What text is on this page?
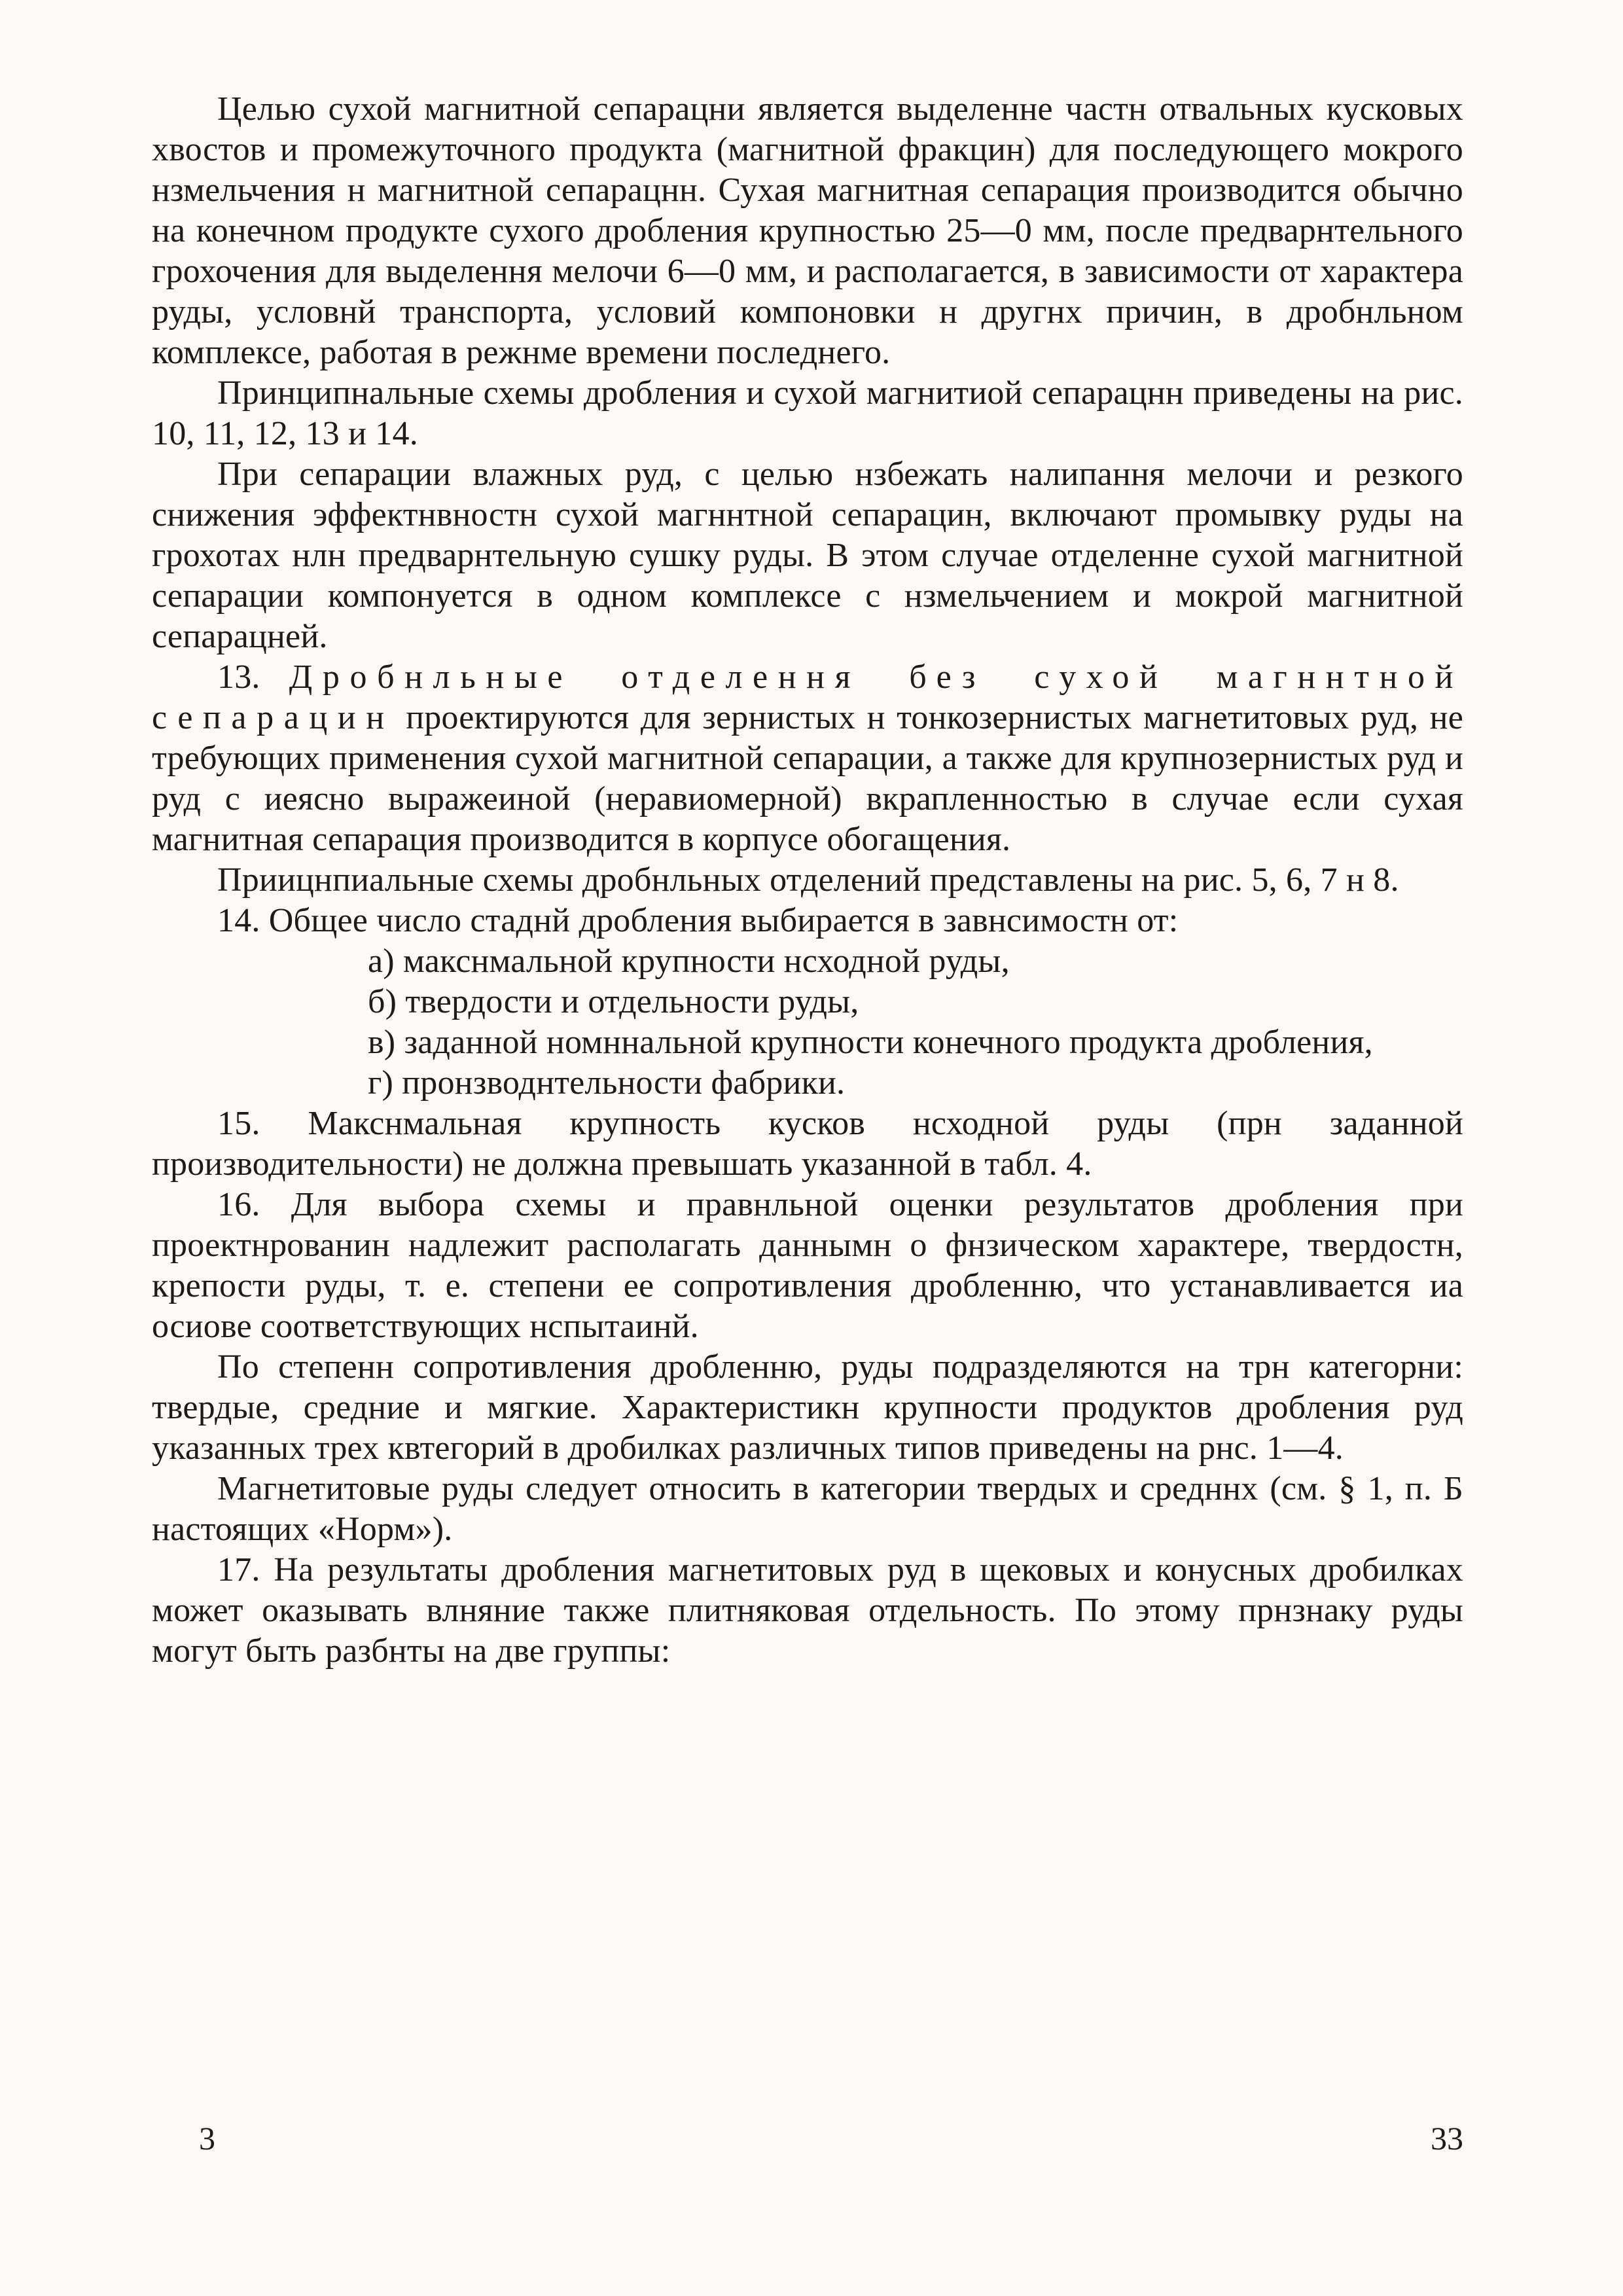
Целью сухой магнитной сепарацни является выделенне частн отвальных кусковых хвостов и промежуточного продукта (магнитной фракцин) для последующего мокрого нзмельчения н магнитной сепарацнн. Сухая магнитная сепарация производится обычно на конечном продукте сухого дробления крупностью 25—0 мм, после предварнтельного грохочения для выделення мелочи 6—0 мм, и располагается, в зависимости от характера руды, условнй транспорта, условий компоновки н другнх причин, в дробнльном комплексе, работая в режнме времени последнего.

Принципнальные схемы дробления и сухой магнитиой сепарацнн приведены на рис. 10, 11, 12, 13 и 14.

При сепарации влажных руд, с целью нзбежать налипання мелочи и резкого снижения эффектнвностн сухой магннтной сепарацин, включают промывку руды на грохотах нлн предварнтельную сушку руды. В этом случае отделенне сухой магнитной сепарации компонуется в одном комплексе с нзмельчением и мокрой магнитной сепарацней.

13. Дробнльные отделення без сухой магннтной сепарацин проектируются для зернистых н тонкозернистых магнетитовых руд, не требующих применения сухой магнитной сепарации, а также для крупнозернистых руд и руд с иеясно выражеиной (неравиомерной) вкрапленностью в случае если сухая магнитная сепарация производится в корпусе обогащения.

Приицнпиальные схемы дробнльных отделений представлены на рис. 5, 6, 7 н 8.

14. Общее число стаднй дробления выбирается в завнсимостн от:

а) макснмальной крупности нсходной руды,

б) твердости и отдельности руды,

в) заданной номннальной крупности конечного продукта дробления,

г) пронзводнтельности фабрики.

15. Макснмальная крупность кусков нсходной руды (прн заданной производительности) не должна превышать указанной в табл. 4.

16. Для выбора схемы и правнльной оценки результатов дробления при проектнрованин надлежит располагать даннымн о фнзическом характере, твердостн, крепости руды, т. е. степени ее сопротивления дробленню, что устанавливается иа осиове соответствующих нспытаинй.

По степенн сопротивления дробленню, руды подразделяются на трн категорни: твердые, средние и мягкие. Характеристикн крупности продуктов дробления руд указанных трех квтегорий в дробилках различных типов приведены на рнс. 1—4.

Магнетитовые руды следует относить в категории твердых и средннх (см. § 1, п. Б настоящих «Норм»).

17. На результаты дробления магнетитовых руд в щековых и конусных дробилках может оказывать влняние также плитняковая отдельность. По этому прнзнаку руды могут быть разбнты на две группы:

3	33
